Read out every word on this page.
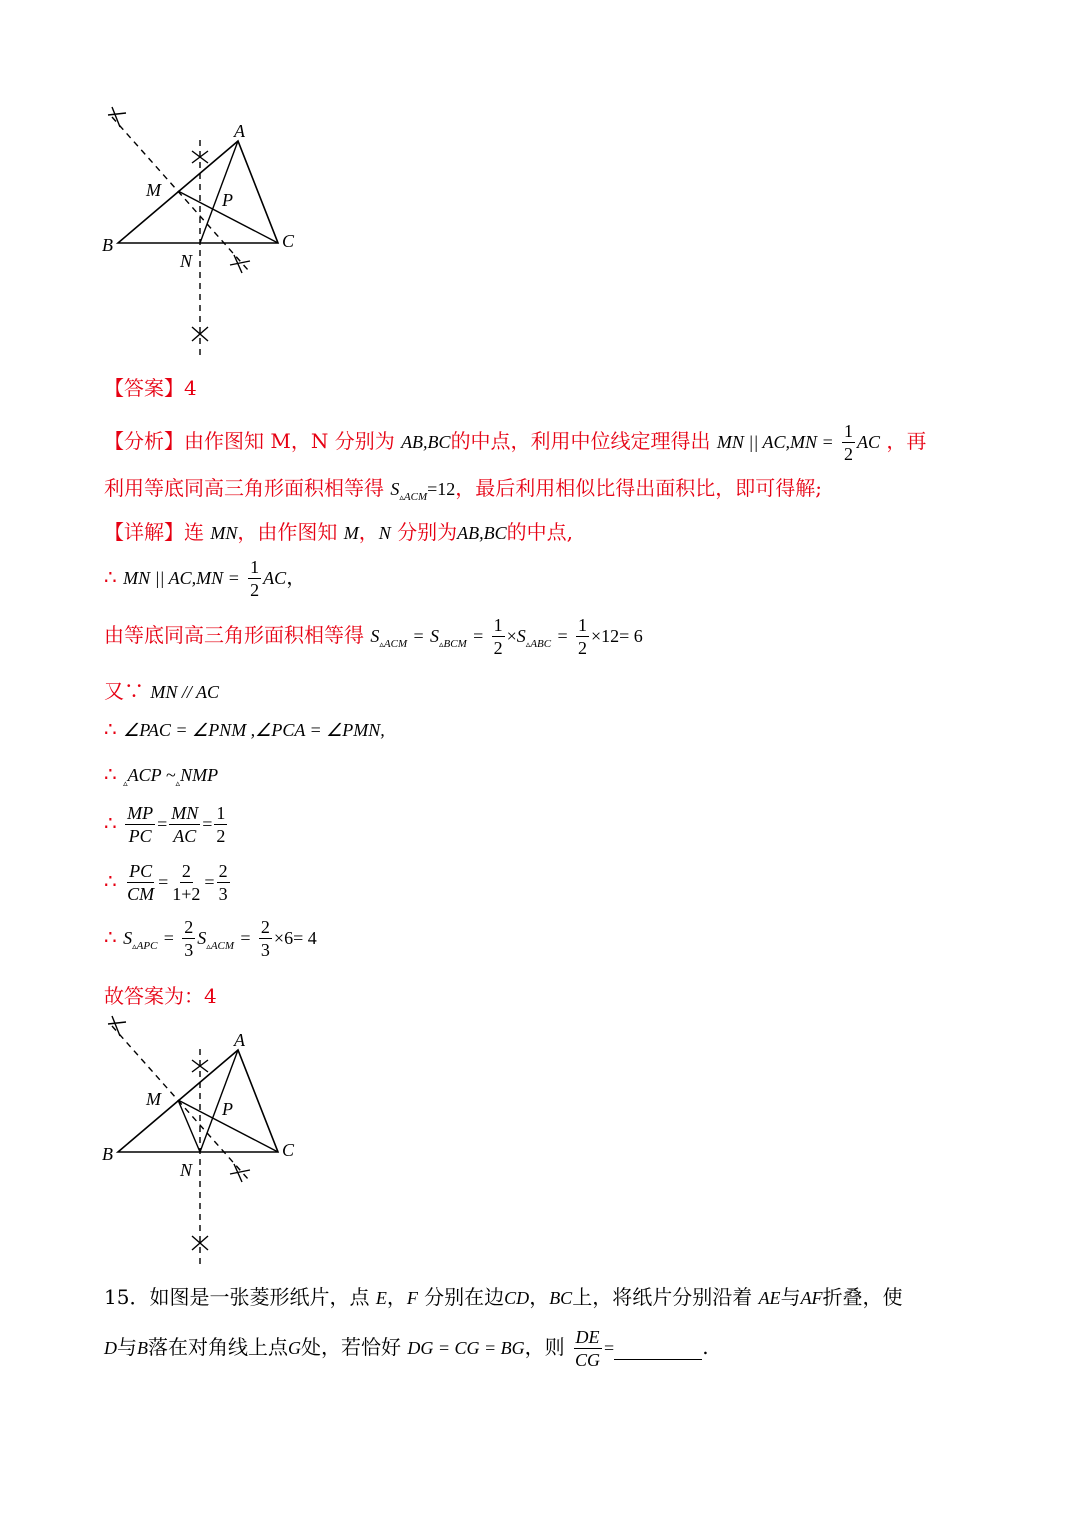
A
M	P
B	C
N
【答案】4
【分析】由作图知 M，N 分别为 AB,BC的中点，利用中位线定理得出 MN || $AC,MN = \frac{1}{2}$ AC ，再
利用等底同高三角形面积相等得 $S_{▵ACM}=12$，最后利用相似比得出面积比，即可得解;
【详解】连 MN，由作图知 M，N 分别为AB,BC的中点,
∴ MN || $AC,MN = \frac{1}{2}$ AC，
由等底同高三角形面积相等得 $S_{▵ACM} = S_{▵BCM} = \frac{1}{2} \times S_{▵ABC} = \frac{1}{2} \times 12= 6$
又∵ MN // AC
∴ ∠PAC = ∠PNM ,∠PCA = ∠PMN,
∴ $_▵$ACP $\sim_▵NMP$
∴ $\frac{MP}{PC} = \frac{MN}{AC} = \frac{1}{2}$
∴ $\frac{PC}{CM} = \frac{2}{1+2} = \frac{2}{3}$
∴ $S_{▵APC} = \frac{2}{3} S_{▵ACM} = \frac{2}{3} \times 6= 4$
故答案为：4
A
M	P
B	C
N
15．如图是一张菱形纸片，点 E，F 分别在边CD，BC上，将纸片分别沿着 AE与AF折叠，使
D与B落在对角线上点G处，若恰好 DG = CG = BG，则 $\frac{DE}{CG}$ =	.
